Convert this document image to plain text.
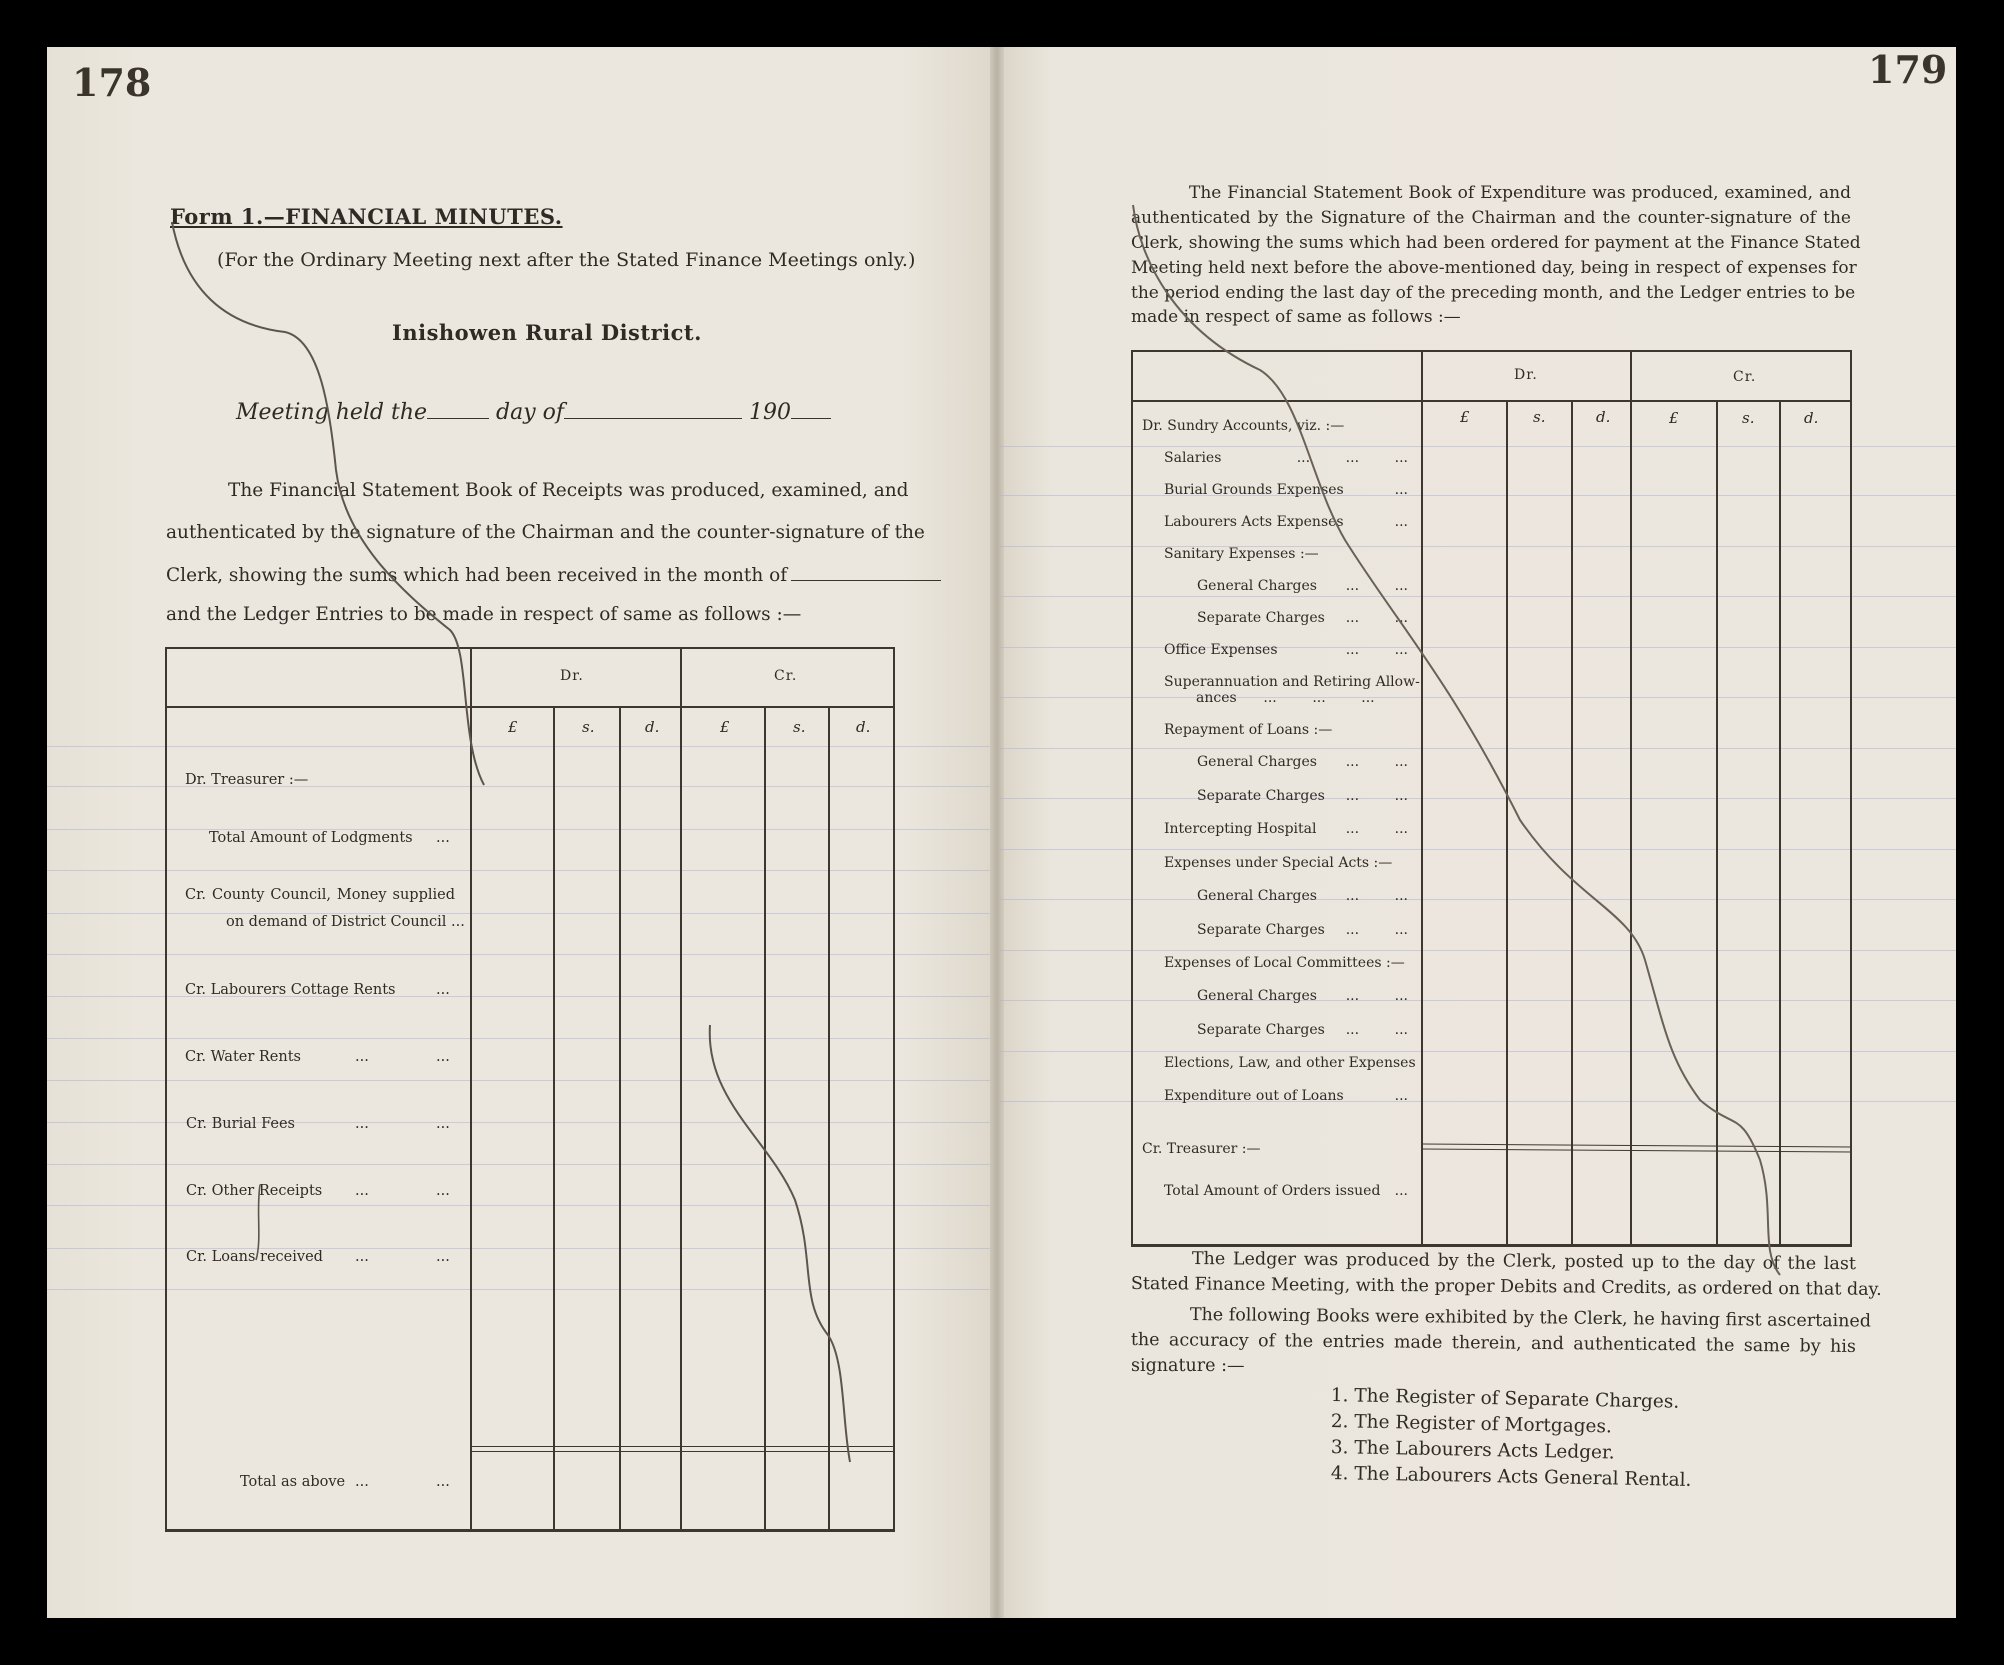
178
Form 1.—FINANCIAL MINUTES.
(For the Ordinary Meeting next after the Stated Finance Meetings only.)
Inishowen Rural District.
Meeting held the	day of	190
The Financial Statement Book of Receipts was produced, examined, and
authenticated by the signature of the Chairman and the counter-signature of the
Clerk, showing the sums which had been received in the month of
and the Ledger Entries to be made in respect of same as follows :—
Dr.	Cr.
£	s.	d.	£	s.	d.
Dr. Treasurer :—
Total Amount of Lodgments ...
Cr. County Council, Money supplied
on demand of District Council ...
Cr. Labourers Cottage Rents	...
Cr. Water Rents	...	...
Cr. Burial Fees	...	...
Cr. Other Receipts ...	...
Cr. Loans received ...	...
Total as above ...	...
179
The Financial Statement Book of Expenditure was produced, examined, and
authenticated by the Signature of the Chairman and the counter-signature of the
Clerk, showing the sums which had been ordered for payment at the Finance Stated
Meeting held next before the above-mentioned day, being in respect of expenses for
the period ending the last day of the preceding month, and the Ledger entries to be
made in respect of same as follows :—
Dr.	Cr.
£	s.	d.	£	s.	d.
Dr. Sundry Accounts, viz. :—
Salaries	...        ...        ...
Burial Grounds Expenses	...
Labourers Acts Expenses	...
Sanitary Expenses :—
General Charges ...        ...
Separate Charges ...        ...
Office Expenses	...        ...
Superannuation and Retiring Allow-
ances      ...        ...        ...
Repayment of Loans :—
General Charges ...        ...
Separate Charges ...        ...
Intercepting Hospital ...        ...
Expenses under Special Acts :—
General Charges ...        ...
Separate Charges ...        ...
Expenses of Local Committees :—
General Charges ...        ...
Separate Charges ...        ...
Elections, Law, and other Expenses
Expenditure out of Loans	...
Cr. Treasurer :—
Total Amount of Orders issued ...
The Ledger was produced by the Clerk, posted up to the day of the last
Stated Finance Meeting, with the proper Debits and Credits, as ordered on that day.
The following Books were exhibited by the Clerk, he having first ascertained
the accuracy of the entries made therein, and authenticated the same by his
signature :—
1. The Register of Separate Charges.
2. The Register of Mortgages.
3. The Labourers Acts Ledger.
4. The Labourers Acts General Rental.
